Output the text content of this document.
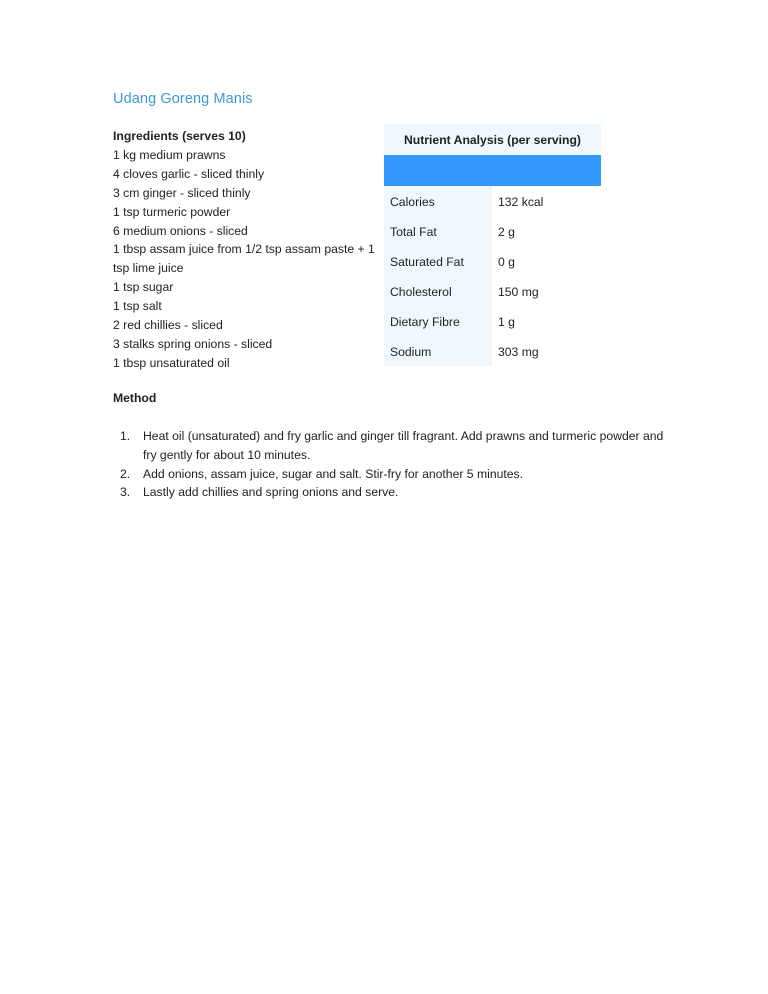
Udang Goreng Manis
Ingredients (serves 10)
1 kg medium prawns
4 cloves garlic - sliced thinly
3 cm ginger - sliced thinly
1 tsp turmeric powder
6 medium onions - sliced
1 tbsp assam juice from 1/2 tsp assam paste + 1 tsp lime juice
1 tsp sugar
1 tsp salt
2 red chillies - sliced
3 stalks spring onions - sliced
1 tbsp unsaturated oil
Nutrient Analysis (per serving)
Calories	132 kcal
Total Fat	2 g
Saturated Fat	0 g
Cholesterol	150 mg
Dietary Fibre	1 g
Sodium	303 mg
Method
1. Heat oil (unsaturated) and fry garlic and ginger till fragrant. Add prawns and turmeric powder and fry gently for about 10 minutes.
2. Add onions, assam juice, sugar and salt. Stir-fry for another 5 minutes.
3. Lastly add chillies and spring onions and serve.
